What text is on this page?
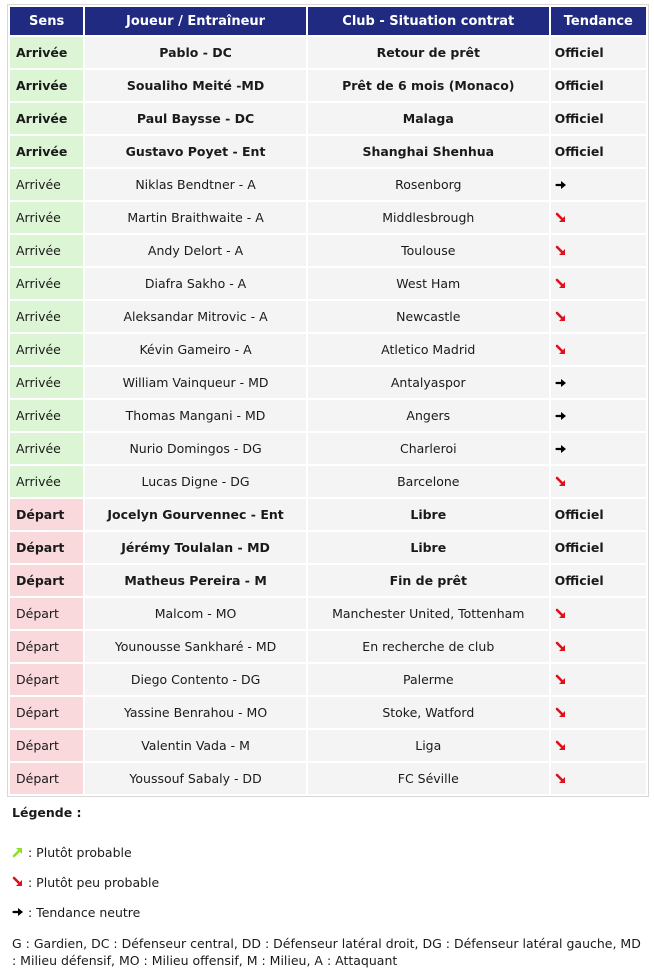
Sens	Joueur / Entraîneur	Club - Situation contrat	Tendance
Arrivée	Pablo - DC	Retour de prêt	Officiel
Arrivée	Soualiho Meité -MD	Prêt de 6 mois (Monaco)	Officiel
Arrivée	Paul Baysse - DC	Malaga	Officiel
Arrivée	Gustavo Poyet - Ent	Shanghai Shenhua	Officiel
Arrivée	Niklas Bendtner - A	Rosenborg	

Arrivée	Martin Braithwaite - A	Middlesbrough	

Arrivée	Andy Delort - A	Toulouse	

Arrivée	Diafra Sakho - A	West Ham	

Arrivée	Aleksandar Mitrovic - A	Newcastle	

Arrivée	Kévin Gameiro - A	Atletico Madrid	

Arrivée	William Vainqueur - MD	Antalyaspor	

Arrivée	Thomas Mangani - MD	Angers	

Arrivée	Nurio Domingos - DG	Charleroi	

Arrivée	Lucas Digne - DG	Barcelone	

Départ	Jocelyn Gourvennec - Ent	Libre	Officiel
Départ	Jérémy Toulalan - MD	Libre	Officiel
Départ	Matheus Pereira - M	Fin de prêt	Officiel
Départ	Malcom - MO	Manchester United, Tottenham	

Départ	Younousse Sankharé - MD	En recherche de club	

Départ	Diego Contento - DG	Palerme	

Départ	Yassine Benrahou - MO	Stoke, Watford	

Départ	Valentin Vada - M	Liga	

Départ	Youssouf Sabaly - DD	FC Séville	
Légende :
: Plutôt probable
: Plutôt peu probable
: Tendance neutre
G : Gardien, DC : Défenseur central, DD : Défenseur latéral droit, DG : Défenseur latéral gauche, MD : Milieu défensif, MO : Milieu offensif, M : Milieu, A : Attaquant
